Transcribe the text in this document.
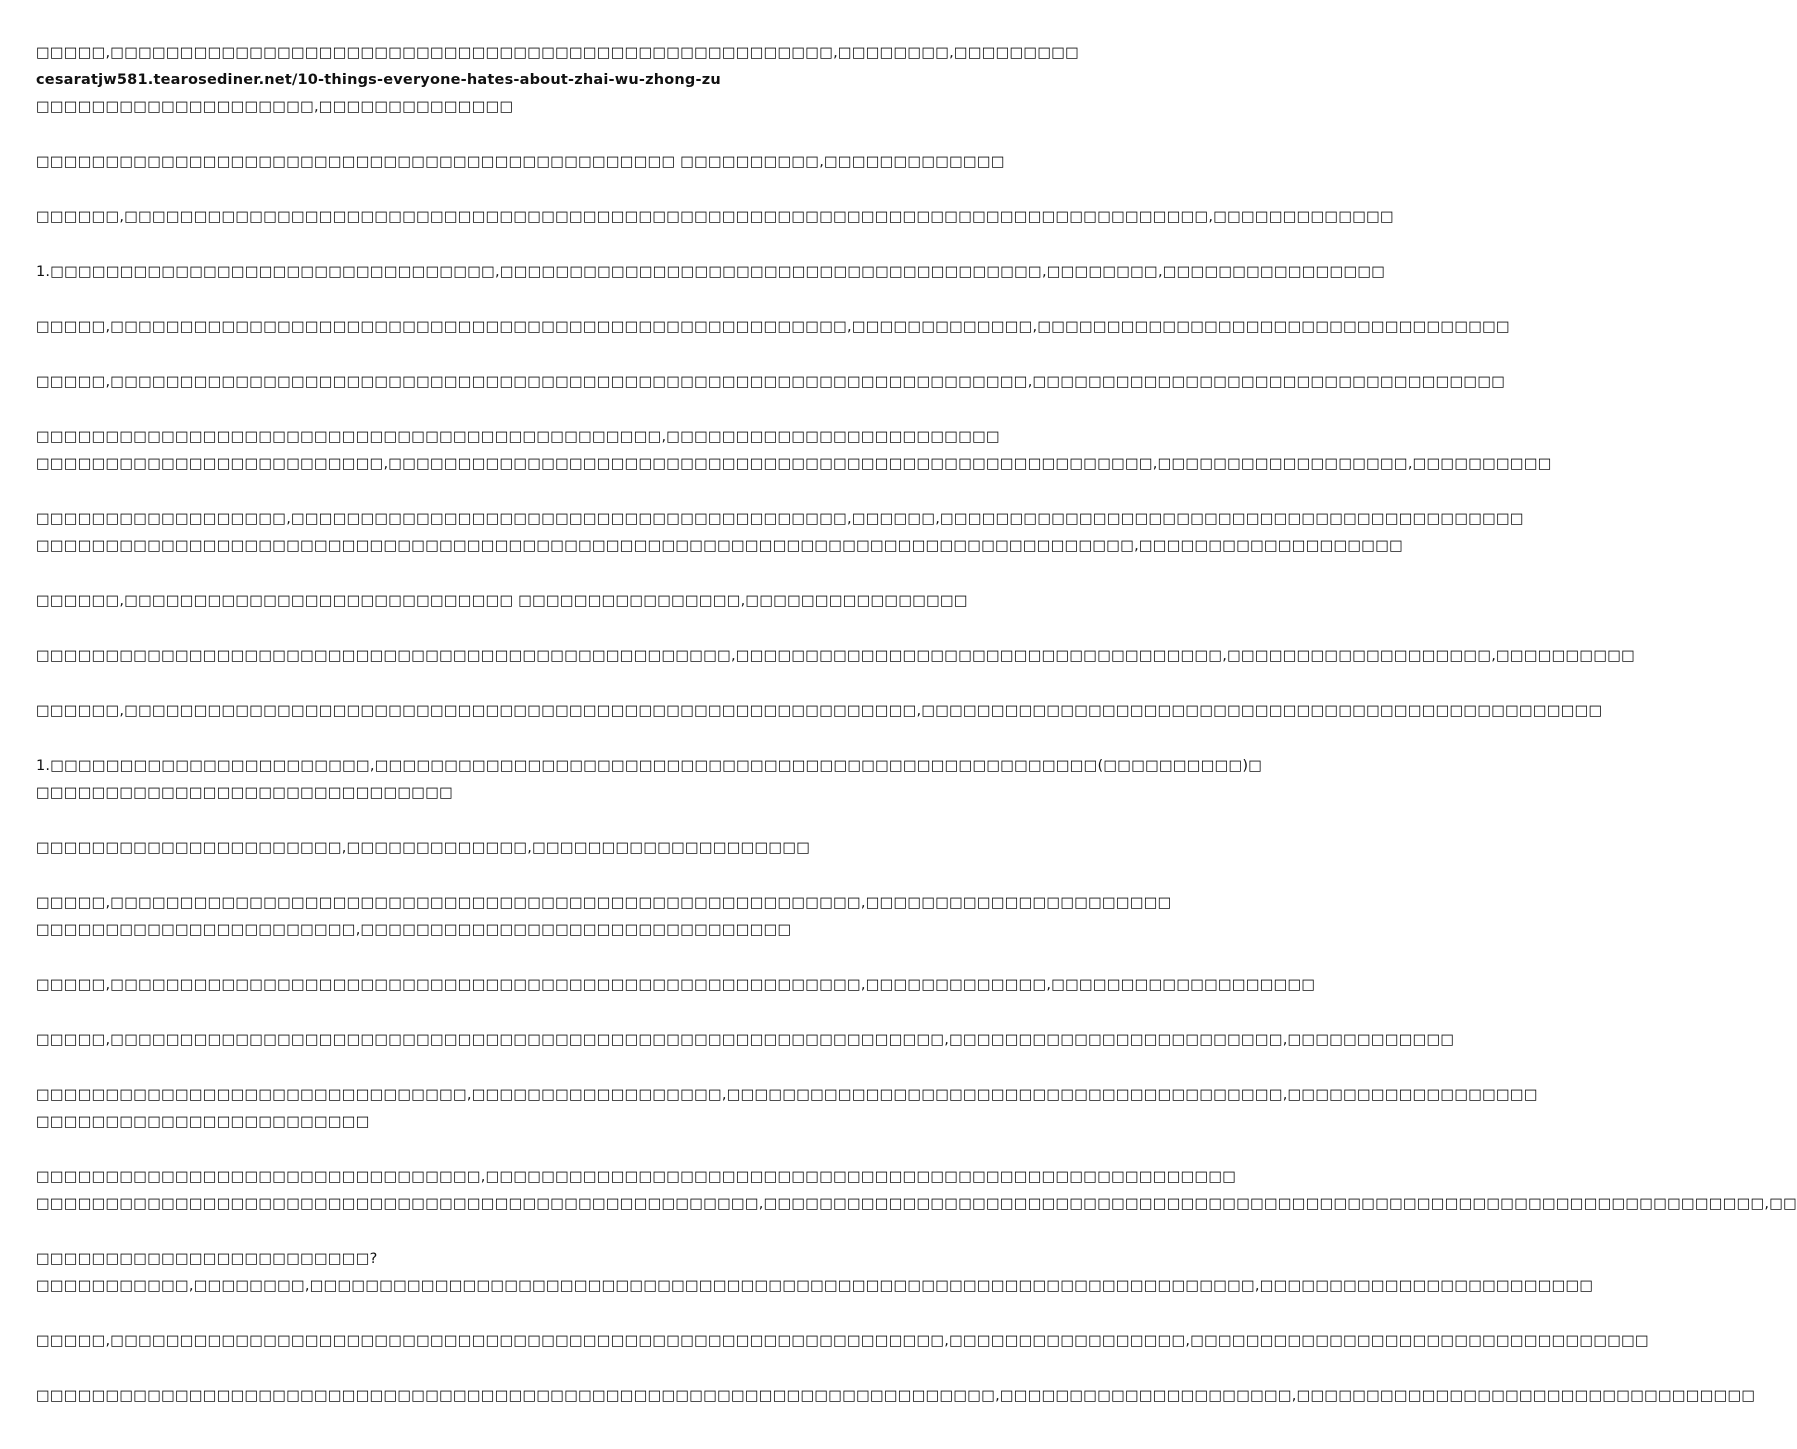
□□□□□,□□□□□□□□□□□□□□□□□□□□□□□□□□□□□□□□□□□□□□□□□□□□□□□□□□□□,□□□□□□□□,□□□□□□□□□
cesaratjw581.tearosediner.net/10-things-everyone-hates-about-zhai-wu-zhong-zu
□□□□□□□□□□□□□□□□□□□□,□□□□□□□□□□□□□□
□□□□□□□□□□□□□□□□□□□□□□□□□□□□□□□□□□□□□□□□□□□□□□ □□□□□□□□□□,□□□□□□□□□□□□□
□□□□□□,□□□□□□□□□□□□□□□□□□□□□□□□□□□□□□□□□□□□□□□□□□□□□□□□□□□□□□□□□□□□□□□□□□□□□□□□□□□□□□,□□□□□□□□□□□□□
1.□□□□□□□□□□□□□□□□□□□□□□□□□□□□□□□□,□□□□□□□□□□□□□□□□□□□□□□□□□□□□□□□□□□□□□□□,□□□□□□□□,□□□□□□□□□□□□□□□□
□□□□□,□□□□□□□□□□□□□□□□□□□□□□□□□□□□□□□□□□□□□□□□□□□□□□□□□□□□□,□□□□□□□□□□□□□,□□□□□□□□□□□□□□□□□□□□□□□□□□□□□□□□□□
□□□□□,□□□□□□□□□□□□□□□□□□□□□□□□□□□□□□□□□□□□□□□□□□□□□□□□□□□□□□□□□□□□□□□□□□,□□□□□□□□□□□□□□□□□□□□□□□□□□□□□□□□□□
□□□□□□□□□□□□□□□□□□□□□□□□□□□□□□□□□□□□□□□□□□□□□,□□□□□□□□□□□□□□□□□□□□□□□□
□□□□□□□□□□□□□□□□□□□□□□□□□,□□□□□□□□□□□□□□□□□□□□□□□□□□□□□□□□□□□□□□□□□□□□□□□□□□□□□□□,□□□□□□□□□□□□□□□□□□,□□□□□□□□□□
□□□□□□□□□□□□□□□□□□,□□□□□□□□□□□□□□□□□□□□□□□□□□□□□□□□□□□□□□□□,□□□□□□,□□□□□□□□□□□□□□□□□□□□□□□□□□□□□□□□□□□□□□□□□□
□□□□□□□□□□□□□□□□□□□□□□□□□□□□□□□□□□□□□□□□□□□□□□□□□□□□□□□□□□□□□□□□□□□□□□□□□□□□□□□,□□□□□□□□□□□□□□□□□□□
□□□□□□,□□□□□□□□□□□□□□□□□□□□□□□□□□□□ □□□□□□□□□□□□□□□□,□□□□□□□□□□□□□□□□
□□□□□□□□□□□□□□□□□□□□□□□□□□□□□□□□□□□□□□□□□□□□□□□□□□,□□□□□□□□□□□□□□□□□□□□□□□□□□□□□□□□□□□,□□□□□□□□□□□□□□□□□□□,□□□□□□□□□□
□□□□□□,□□□□□□□□□□□□□□□□□□□□□□□□□□□□□□□□□□□□□□□□□□□□□□□□□□□□□□□□□,□□□□□□□□□□□□□□□□□□□□□□□□□□□□□□□□□□□□□□□□□□□□□□□□□
1.□□□□□□□□□□□□□□□□□□□□□□□,□□□□□□□□□□□□□□□□□□□□□□□□□□□□□□□□□□□□□□□□□□□□□□□□□□□□(□□□□□□□□□□)□
□□□□□□□□□□□□□□□□□□□□□□□□□□□□□□
□□□□□□□□□□□□□□□□□□□□□□,□□□□□□□□□□□□□,□□□□□□□□□□□□□□□□□□□□
□□□□□,□□□□□□□□□□□□□□□□□□□□□□□□□□□□□□□□□□□□□□□□□□□□□□□□□□□□□□,□□□□□□□□□□□□□□□□□□□□□□
□□□□□□□□□□□□□□□□□□□□□□□,□□□□□□□□□□□□□□□□□□□□□□□□□□□□□□□
□□□□□,□□□□□□□□□□□□□□□□□□□□□□□□□□□□□□□□□□□□□□□□□□□□□□□□□□□□□□,□□□□□□□□□□□□□,□□□□□□□□□□□□□□□□□□□
□□□□□,□□□□□□□□□□□□□□□□□□□□□□□□□□□□□□□□□□□□□□□□□□□□□□□□□□□□□□□□□□□□,□□□□□□□□□□□□□□□□□□□□□□□□,□□□□□□□□□□□□
□□□□□□□□□□□□□□□□□□□□□□□□□□□□□□□,□□□□□□□□□□□□□□□□□□,□□□□□□□□□□□□□□□□□□□□□□□□□□□□□□□□□□□□□□□□,□□□□□□□□□□□□□□□□□□
□□□□□□□□□□□□□□□□□□□□□□□□
□□□□□□□□□□□□□□□□□□□□□□□□□□□□□□□□,□□□□□□□□□□□□□□□□□□□□□□□□□□□□□□□□□□□□□□□□□□□□□□□□□□□□□□
□□□□□□□□□□□□□□□□□□□□□□□□□□□□□□□□□□□□□□□□□□□□□□□□□□□□,□□□□□□□□□□□□□□□□□□□□□□□□□□□□□□□□□□□□□□□□□□□□□□□□□□□□□□□□□□□□□□□□□□□□□□□□,□□
□□□□□□□□□□□□□□□□□□□□□□□□?
□□□□□□□□□□□,□□□□□□□□,□□□□□□□□□□□□□□□□□□□□□□□□□□□□□□□□□□□□□□□□□□□□□□□□□□□□□□□□□□□□□□□□□□□□,□□□□□□□□□□□□□□□□□□□□□□□□
□□□□□,□□□□□□□□□□□□□□□□□□□□□□□□□□□□□□□□□□□□□□□□□□□□□□□□□□□□□□□□□□□□,□□□□□□□□□□□□□□□□□,□□□□□□□□□□□□□□□□□□□□□□□□□□□□□□□□□
□□□□□□□□□□□□□□□□□□□□□□□□□□□□□□□□□□□□□□□□□□□□□□□□□□□□□□□□□□□□□□□□□□□□□,□□□□□□□□□□□□□□□□□□□□□,□□□□□□□□□□□□□□□□□□□□□□□□□□□□□□□□□
